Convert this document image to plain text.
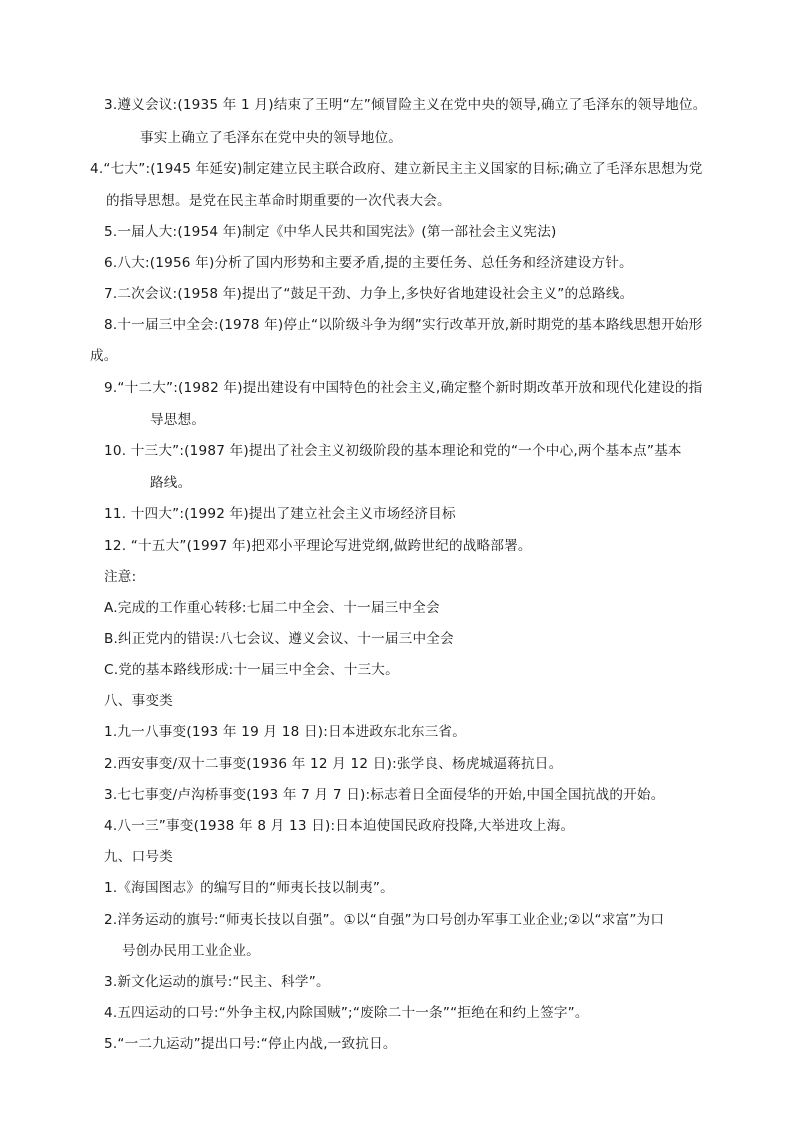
3.遵义会议:(1935 年 1 月)结束了王明“左”倾冒险主义在党中央的领导,确立了毛泽东的领导地位。
事实上确立了毛泽东在党中央的领导地位。
4.“七大”:(1945 年延安)制定建立民主联合政府、建立新民主主义国家的目标;确立了毛泽东思想为党
的指导思想。是党在民主革命时期重要的一次代表大会。
5.一届人大:(1954 年)制定《中华人民共和国宪法》(第一部社会主义宪法)
6.八大:(1956 年)分析了国内形势和主要矛盾,提的主要任务、总任务和经济建设方针。
7.二次会议:(1958 年)提出了“鼓足干劲、力争上,多快好省地建设社会主义”的总路线。
8.十一届三中全会:(1978 年)停止“以阶级斗争为纲”实行改革开放,新时期党的基本路线思想开始形
成。
9.“十二大”:(1982 年)提出建设有中国特色的社会主义,确定整个新时期改革开放和现代化建设的指
导思想。
10. 十三大”:(1987 年)提出了社会主义初级阶段的基本理论和党的“一个中心,两个基本点”基本
路线。
11. 十四大”:(1992 年)提出了建立社会主义市场经济目标
12. “十五大”(1997 年)把邓小平理论写进党纲,做跨世纪的战略部署。
注意:
A.完成的工作重心转移:七届二中全会、十一届三中全会
B.纠正党内的错误:八七会议、遵义会议、十一届三中全会
C.党的基本路线形成:十一届三中全会、十三大。
八、事变类
1.九一八事变(193 年 19 月 18 日):日本进政东北东三省。
2.西安事变/双十二事变(1936 年 12 月 12 日):张学良、杨虎城逼蒋抗日。
3.七七事变/卢沟桥事变(193 年 7 月 7 日):标志着日全面侵华的开始,中国全国抗战的开始。
4.八一三”事变(1938 年 8 月 13 日):日本迫使国民政府投降,大举进攻上海。
九、口号类
1.《海国图志》的编写目的“师夷长技以制夷”。
2.洋务运动的旗号:“师夷长技以自强”。①以“自强”为口号创办军事工业企业;②以“求富”为口
号创办民用工业企业。
3.新文化运动的旗号:“民主、科学”。
4.五四运动的口号:“外争主权,内除国贼”;“废除二十一条”“拒绝在和约上签字”。
5.“一二九运动”提出口号:“停止内战,一致抗日。
